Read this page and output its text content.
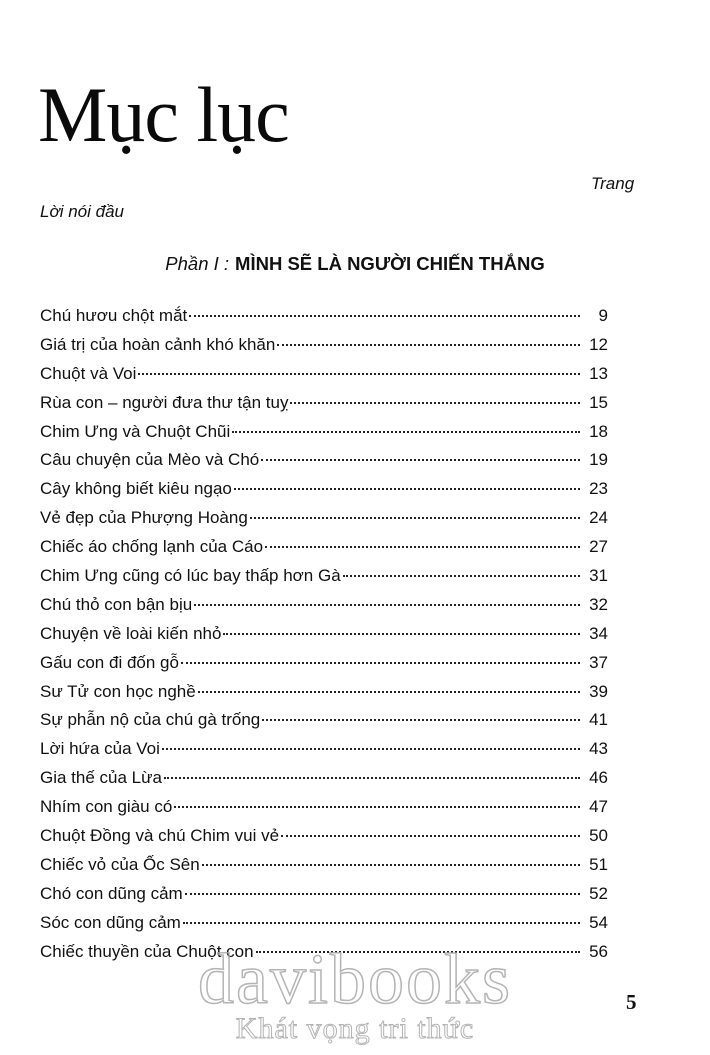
Mục lục
Trang
Lời nói đầu
Phần I : MÌNH SẼ LÀ NGƯỜI CHIẾN THẮNG
Chú hươu chột mắt	9
Giá trị của hoàn cảnh khó khăn	12
Chuột và Voi	13
Rùa con – người đưa thư tận tuỵ	15
Chim Ưng và Chuột Chũi	18
Câu chuyện của Mèo và Chó	19
Cây không biết kiêu ngạo	23
Vẻ đẹp của Phượng Hoàng	24
Chiếc áo chống lạnh của Cáo	27
Chim Ưng cũng có lúc bay thấp hơn Gà	31
Chú thỏ con bận bịu	32
Chuyện về loài kiến nhỏ	34
Gấu con đi đốn gỗ	37
Sư Tử con học nghề	39
Sự phẫn nộ của chú gà trống	41
Lời hứa của Voi	43
Gia thế của Lừa	46
Nhím con giàu có	47
Chuột Đồng và chú Chim vui vẻ	50
Chiếc vỏ của Ốc Sên	51
Chó con dũng cảm	52
Sóc con dũng cảm	54
Chiếc thuyền của Chuột con	56
5
davibooks
Khát vọng tri thức
